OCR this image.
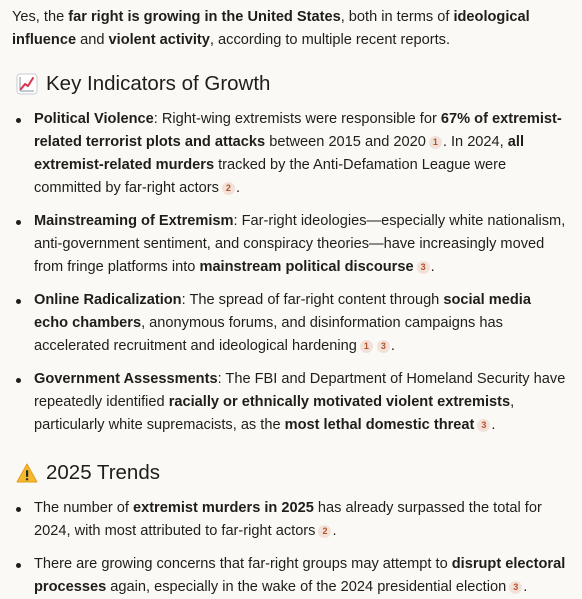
Yes, the far right is growing in the United States, both in terms of ideological influence and violent activity, according to multiple recent reports.

Key Indicators of Growth
Political Violence: Right-wing extremists were responsible for 67% of extremist-related terrorist plots and attacks between 2015 and 2020 1 . In 2024, all extremist-related murders tracked by the Anti-Defamation League were committed by far-right actors 2 .
Mainstreaming of Extremism: Far-right ideologies—especially white nationalism, anti-government sentiment, and conspiracy theories—have increasingly moved from fringe platforms into mainstream political discourse 3 .
Online Radicalization: The spread of far-right content through social media echo chambers, anonymous forums, and disinformation campaigns has accelerated recruitment and ideological hardening 1 3 .
Government Assessments: The FBI and Department of Homeland Security have repeatedly identified racially or ethnically motivated violent extremists, particularly white supremacists, as the most lethal domestic threat 3 .
2025 Trends
The number of extremist murders in 2025 has already surpassed the total for 2024, with most attributed to far-right actors 2 .
There are growing concerns that far-right groups may attempt to disrupt electoral processes again, especially in the wake of the 2024 presidential election 3 .
